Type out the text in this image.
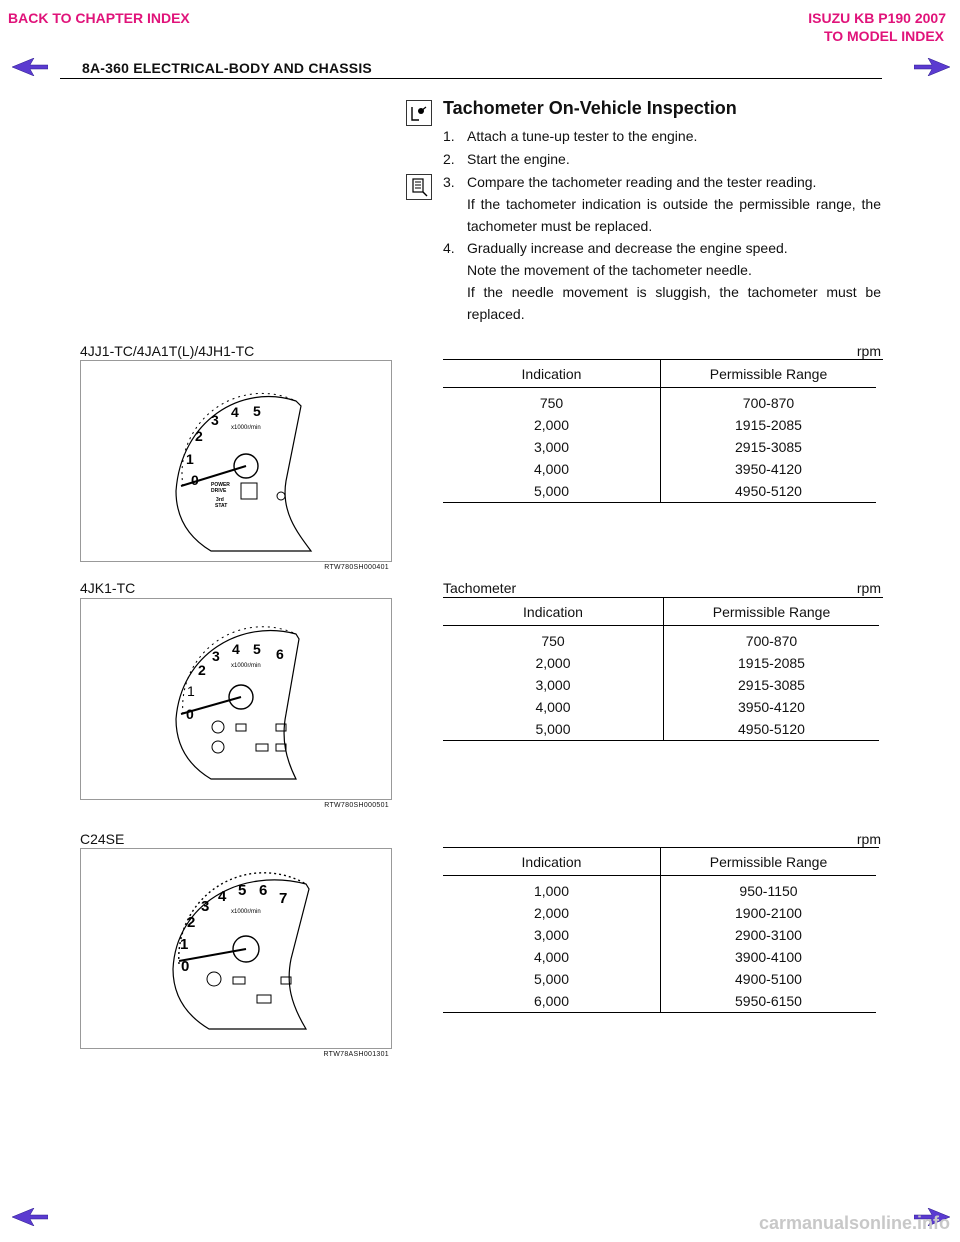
BACK TO CHAPTER INDEX	ISUZU KB P190 2007
TO MODEL INDEX
8A-360 ELECTRICAL-BODY AND CHASSIS
Tachometer On-Vehicle Inspection
1. Attach a tune-up tester to the engine.
2. Start the engine.
3. Compare the tachometer reading and the tester reading.
If the tachometer indication is outside the permissible range, the tachometer must be replaced.
4. Gradually increase and decrease the engine speed.
Note the movement of the tachometer needle.
If the needle movement is sluggish, the tachometer must be replaced.
4JJ1-TC/4JA1T(L)/4JH1-TC	rpm
0
1
2
3 4 5
x1000r/min
POWER
DRIVE
3rd
STAT
RTW780SH000401
Indication	Permissible Range
750	700-870
2,000	1915-2085
3,000	2915-3085
4,000	3950-4120
5,000	4950-5120
4JK1-TC	Tachometer	rpm
0
1
2
3 4 5 6
x1000r/min
RTW780SH000501
Indication	Permissible Range
750	700-870
2,000	1915-2085
3,000	2915-3085
4,000	3950-4120
5,000	4950-5120
C24SE	rpm
0
1
2
3
4 5 6 7
x1000r/min
RTW78ASH001301
Indication	Permissible Range
1,000	950-1150
2,000	1900-2100
3,000	2900-3100
4,000	3900-4100
5,000	4900-5100
6,000	5950-6150
carmanualsonline.info
